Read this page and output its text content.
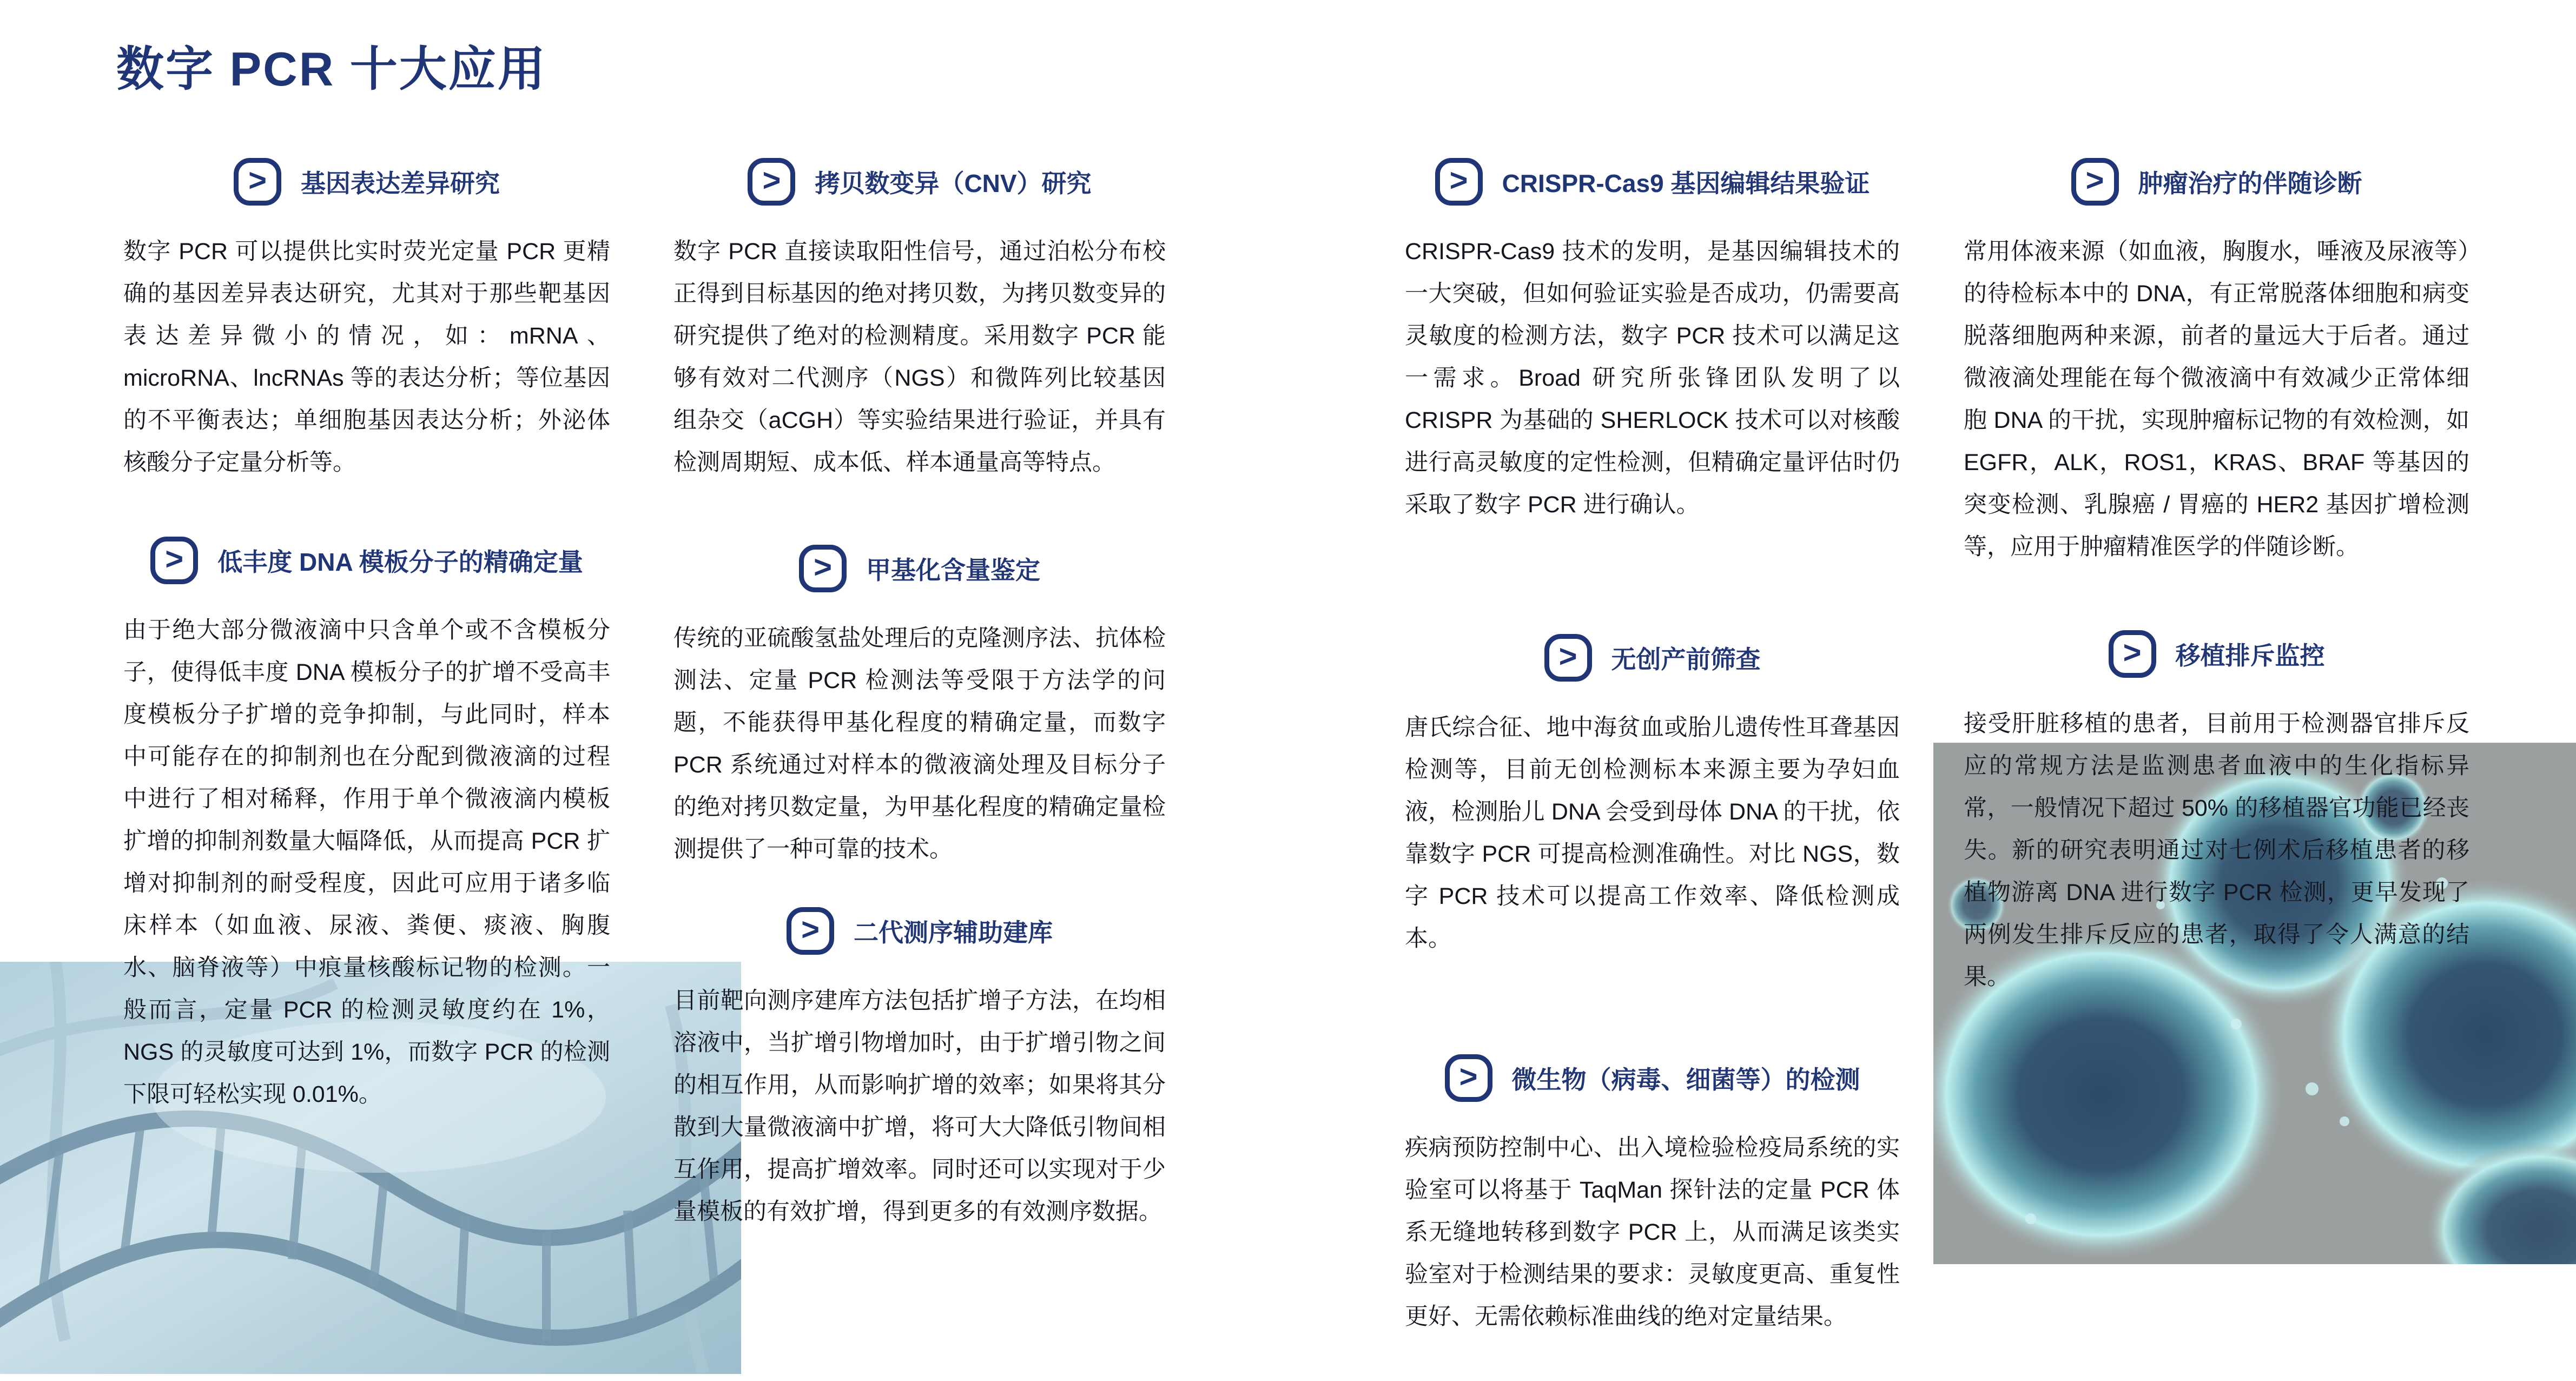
数字 PCR 十大应用
> 基因表达差异研究

数字 PCR 可以提供比实时荧光定量 PCR 更精确的基因差异表达研究，尤其对于那些靶基因表达差异微小的情况，如：mRNA、microRNA、lncRNAs 等的表达分析；等位基因的不平衡表达；单细胞基因表达分析；外泌体核酸分子定量分析等。

> 低丰度 DNA 模板分子的精确定量

由于绝大部分微液滴中只含单个或不含模板分子，使得低丰度 DNA 模板分子的扩增不受高丰度模板分子扩增的竞争抑制，与此同时，样本中可能存在的抑制剂也在分配到微液滴的过程中进行了相对稀释，作用于单个微液滴内模板扩增的抑制剂数量大幅降低，从而提高 PCR 扩增对抑制剂的耐受程度，因此可应用于诸多临床样本（如血液、尿液、粪便、痰液、胸腹水、脑脊液等）中痕量核酸标记物的检测。一般而言，定量 PCR 的检测灵敏度约在 1%，NGS 的灵敏度可达到 1%，而数字 PCR 的检测下限可轻松实现 0.01%。

> 拷贝数变异（CNV）研究

数字 PCR 直接读取阳性信号，通过泊松分布校正得到目标基因的绝对拷贝数，为拷贝数变异的研究提供了绝对的检测精度。采用数字 PCR 能够有效对二代测序（NGS）和微阵列比较基因组杂交（aCGH）等实验结果进行验证，并具有检测周期短、成本低、样本通量高等特点。

> 甲基化含量鉴定

传统的亚硫酸氢盐处理后的克隆测序法、抗体检测法、定量 PCR 检测法等受限于方法学的问题，不能获得甲基化程度的精确定量，而数字 PCR 系统通过对样本的微液滴处理及目标分子的绝对拷贝数定量，为甲基化程度的精确定量检测提供了一种可靠的技术。

> 二代测序辅助建库

目前靶向测序建库方法包括扩增子方法，在均相溶液中，当扩增引物增加时，由于扩增引物之间的相互作用，从而影响扩增的效率；如果将其分散到大量微液滴中扩增，将可大大降低引物间相互作用，提高扩增效率。同时还可以实现对于少量模板的有效扩增，得到更多的有效测序数据。

> CRISPR-Cas9 基因编辑结果验证

CRISPR-Cas9 技术的发明，是基因编辑技术的一大突破，但如何验证实验是否成功，仍需要高灵敏度的检测方法，数字 PCR 技术可以满足这一需求。Broad 研究所张锋团队发明了以 CRISPR 为基础的 SHERLOCK 技术可以对核酸进行高灵敏度的定性检测，但精确定量评估时仍采取了数字 PCR 进行确认。

> 无创产前筛查

唐氏综合征、地中海贫血或胎儿遗传性耳聋基因检测等，目前无创检测标本来源主要为孕妇血液，检测胎儿 DNA 会受到母体 DNA 的干扰，依靠数字 PCR 可提高检测准确性。对比 NGS，数字 PCR 技术可以提高工作效率、降低检测成本。

> 微生物（病毒、细菌等）的检测

疾病预防控制中心、出入境检验检疫局系统的实验室可以将基于 TaqMan 探针法的定量 PCR 体系无缝地转移到数字 PCR 上，从而满足该类实验室对于检测结果的要求：灵敏度更高、重复性更好、无需依赖标准曲线的绝对定量结果。

> 肿瘤治疗的伴随诊断

常用体液来源（如血液，胸腹水，唾液及尿液等）的待检标本中的 DNA，有正常脱落体细胞和病变脱落细胞两种来源，前者的量远大于后者。通过微液滴处理能在每个微液滴中有效减少正常体细胞 DNA 的干扰，实现肿瘤标记物的有效检测，如 EGFR，ALK，ROS1，KRAS、BRAF 等基因的突变检测、乳腺癌 / 胃癌的 HER2 基因扩增检测等，应用于肿瘤精准医学的伴随诊断。

> 移植排斥监控

接受肝脏移植的患者，目前用于检测器官排斥反应的常规方法是监测患者血液中的生化指标异常，一般情况下超过 50% 的移植器官功能已经丧失。新的研究表明通过对七例术后移植患者的移植物游离 DNA 进行数字 PCR 检测，更早发现了两例发生排斥反应的患者，取得了令人满意的结果。
